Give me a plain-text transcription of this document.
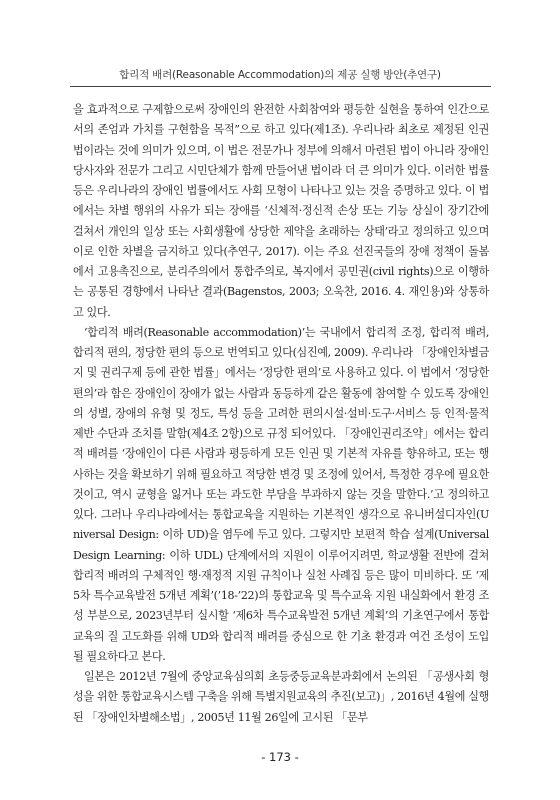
합리적 배려(Reasonable Accommodation)의 제공 실행 방안(추연구)

을 효과적으로 구제함으로써 장애인의 완전한 사회참여와 평등한 실현을 통하여 인간으로서의 존엄과 가치를 구현함을 목적”으로 하고 있다(제1조). 우리나라 최초로 제정된 인권법이라는 것에 의미가 있으며, 이 법은 전문가나 정부에 의해서 마련된 법이 아니라 장애인 당사자와 전문가 그리고 시민단체가 함께 만들어낸 법이라 더 큰 의미가 있다. 이러한 법률 등은 우리나라의 장애인 법률에서도 사회 모형이 나타나고 있는 것을 증명하고 있다. 이 법에서는 차별 행위의 사유가 되는 장애를 ‘신체적·정신적 손상 또는 기능 상실이 장기간에 걸쳐서 개인의 일상 또는 사회생활에 상당한 제약을 초래하는 상태’라고 정의하고 있으며 이로 인한 차별을 금지하고 있다(추연구, 2017). 이는 주요 선진국들의 장애 정책이 돌봄에서 고용촉진으로, 분리주의에서 통합주의로, 복지에서 공민권(civil rights)으로 이행하는 공통된 경향에서 나타난 결과(Bagenstos, 2003; 오욱찬, 2016. 4. 재인용)와 상통하고 있다.

‘합리적 배려(Reasonable accommodation)’는 국내에서 합리적 조정, 합리적 배려, 합리적 편의, 정당한 편의 등으로 번역되고 있다(심진예, 2009). 우리나라 「장애인차별금지 및 권리구제 등에 관한 법률」에서는 ‘정당한 편의’로 사용하고 있다. 이 법에서 ‘정당한 편의’라 함은 장애인이 장애가 없는 사람과 동등하게 같은 활동에 참여할 수 있도록 장애인의 성별, 장애의 유형 및 정도, 특성 등을 고려한 편의시설·설비·도구·서비스 등 인적·물적 제반 수단과 조치를 말함(제4조 2항)으로 규정 되어있다. 「장애인권리조약」에서는 합리적 배려를 ‘장애인이 다른 사람과 평등하게 모든 인권 및 기본적 자유를 향유하고, 또는 행사하는 것을 확보하기 위해 필요하고 적당한 변경 및 조정에 있어서, 특정한 경우에 필요한 것이고, 역시 균형을 잃거나 또는 과도한 부담을 부과하지 않는 것을 말한다.’고 정의하고 있다. 그러나 우리나라에서는 통합교육을 지원하는 기본적인 생각으로 유니버설디자인(Universal Design: 이하 UD)을 염두에 두고 있다. 그렇지만 보편적 학습 설계(Universal Design Learning: 이하 UDL) 단계에서의 지원이 이루어지려면, 학교생활 전반에 걸쳐 합리적 배려의 구체적인 행·재정적 지원 규칙이나 실천 사례집 등은 많이 미비하다. 또 ‘제5차 특수교육발전 5개년 계획’(’18-’22)의 통합교육 및 특수교육 지원 내실화에서 환경 조성 부분으로, 2023년부터 실시할 ‘제6차 특수교육발전 5개년 계획’의 기초연구에서 통합교육의 질 고도화를 위해 UD와 합리적 배려를 중심으로 한 기초 환경과 여건 조성이 도입될 필요하다고 본다.

일본은 2012년 7월에 중앙교육심의회 초등중등교육분과회에서 논의된 「공생사회 형성을 위한 통합교육시스템 구축을 위해 특별지원교육의 추진(보고)」, 2016년 4월에 실행된 「장애인차별해소법」, 2005년 11월 26일에 고시된 「문부

- 173 -
